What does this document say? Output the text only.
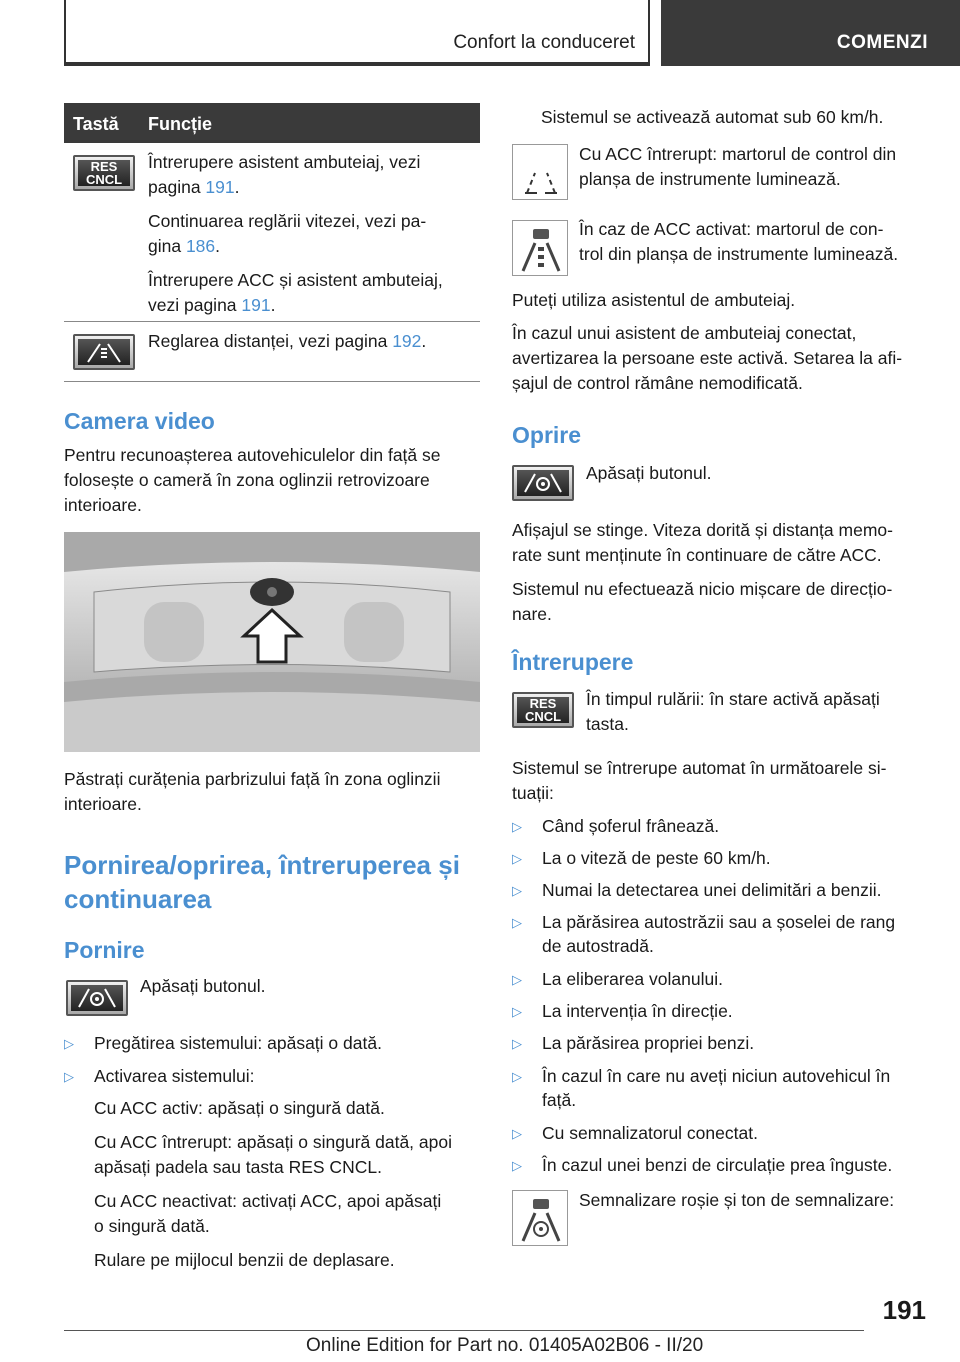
Confort la conduceret	COMENZI
Tastă Funcție
RES
CNCL
Întrerupere asistent ambuteiaj, vezi
pagina 191.
Continuarea reglării vitezei, vezi pa-
gina 186.
Întrerupere ACC și asistent ambuteiaj,
vezi pagina 191.
Reglarea distanței, vezi pagina 192.
Camera video
Pentru recunoașterea autovehiculelor din față se
folosește o cameră în zona oglinzii retrovizoare
interioare.
Păstrați curățenia parbrizului față în zona oglinzii
interioare.
Pornirea/oprirea, întreruperea și
continuarea
Pornire
Apăsați butonul.
▷ Pregătirea sistemului: apăsați o dată.
▷ Activarea sistemului:
Cu ACC activ: apăsați o singură dată.
Cu ACC întrerupt: apăsați o singură dată, apoi
apăsați padela sau tasta RES CNCL.
Cu ACC neactivat: activați ACC, apoi apăsați
o singură dată.
Rulare pe mijlocul benzii de deplasare.
Sistemul se activează automat sub 60 km/h.
Cu ACC întrerupt: martorul de control din
planșa de instrumente luminează.
În caz de ACC activat: martorul de con-
trol din planșa de instrumente luminează.
Puteți utiliza asistentul de ambuteiaj.
În cazul unui asistent de ambuteiaj conectat,
avertizarea la persoane este activă. Setarea la afi-
șajul de control rămâne nemodificată.
Oprire
Apăsați butonul.
Afișajul se stinge. Viteza dorită și distanța memo-
rate sunt menținute în continuare de către ACC.
Sistemul nu efectuează nicio mișcare de direcțio-
nare.
Întrerupere
RES
CNCL
În timpul rulării: în stare activă apăsați
tasta.
Sistemul se întrerupe automat în următoarele si-
tuații:
▷ Când șoferul frânează.
▷ La o viteză de peste 60 km/h.
▷ Numai la detectarea unei delimitări a benzii.
▷ La părăsirea autostrăzii sau a șoselei de rang
de autostradă.
▷ La eliberarea volanului.
▷ La intervenția în direcție.
▷ La părăsirea propriei benzi.
▷ În cazul în care nu aveți niciun autovehicul în
față.
▷ Cu semnalizatorul conectat.
▷ În cazul unei benzi de circulație prea înguste.
Semnalizare roșie și ton de semnalizare:
191
Online Edition for Part no. 01405A02B06 - II/20
